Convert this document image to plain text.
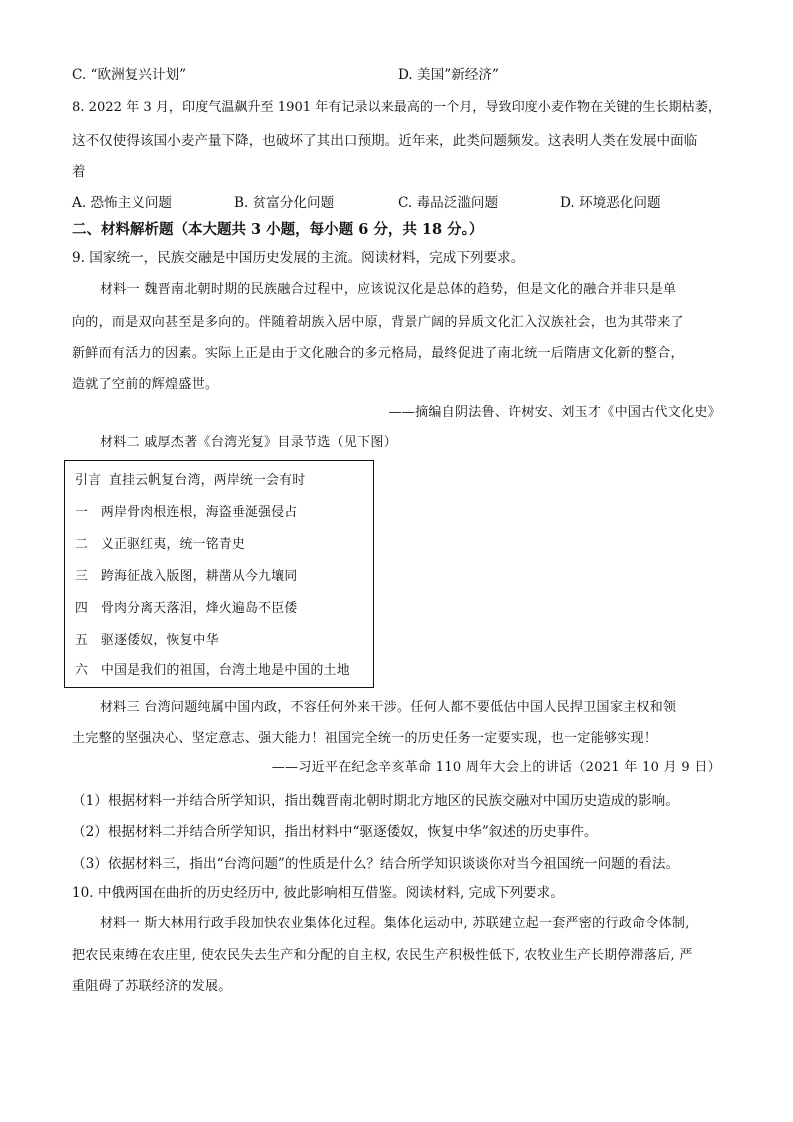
C. “欧洲复兴计划”	D. 美国”新经济”
8. 2022 年 3 月，印度气温飙升至 1901 年有记录以来最高的一个月，导致印度小麦作物在关键的生长期枯萎，
这不仅使得该国小麦产量下降，也破坏了其出口预期。近年来，此类问题频发。这表明人类在发展中面临
着
A. 恐怖主义问题	B. 贫富分化问题	C. 毒品泛滥问题	D. 环境恶化问题
二、材料解析题（本大题共 3 小题，每小题 6 分，共 18 分。）
9. 国家统一，民族交融是中国历史发展的主流。阅读材料，完成下列要求。
材料一 魏晋南北朝时期的民族融合过程中，应该说汉化是总体的趋势，但是文化的融合并非只是单
向的，而是双向甚至是多向的。伴随着胡族入居中原，背景广阔的异质文化汇入汉族社会，也为其带来了
新鲜而有活力的因素。实际上正是由于文化融合的多元格局，最终促进了南北统一后隋唐文化新的整合，
造就了空前的辉煌盛世。
——摘编自阴法鲁、许树安、刘玉才《中国古代文化史》
材料二 戚厚杰著《台湾光复》目录节选（见下图）
引言 直挂云帆复台湾，两岸统一会有时
一 两岸骨肉根连根，海盗垂涎强侵占
二 义正驱红夷，统一铭青史
三 跨海征战入版图，耕凿从今九壤同
四 骨肉分离天落泪，烽火遍岛不臣倭
五 驱逐倭奴，恢复中华
六 中国是我们的祖国，台湾土地是中国的土地
材料三 台湾问题纯属中国内政，不容任何外来干涉。任何人都不要低估中国人民捍卫国家主权和领
土完整的坚强决心、坚定意志、强大能力！祖国完全统一的历史任务一定要实现，也一定能够实现！
——习近平在纪念辛亥革命 110 周年大会上的讲话（2021 年 10 月 9 日）
（1）根据材料一并结合所学知识，指出魏晋南北朝时期北方地区的民族交融对中国历史造成的影响。
（2）根据材料二并结合所学知识，指出材料中“驱逐倭奴，恢复中华”叙述的历史事件。
（3）依据材料三，指出“台湾问题”的性质是什么？结合所学知识谈谈你对当今祖国统一问题的看法。
10. 中俄两国在曲折的历史经历中, 彼此影响相互借鉴。阅读材料, 完成下列要求。
材料一 斯大林用行政手段加快农业集体化过程。集体化运动中, 苏联建立起一套严密的行政命令体制,
把农民束缚在农庄里, 使农民失去生产和分配的自主权, 农民生产积极性低下, 农牧业生产长期停滞落后, 严
重阻碍了苏联经济的发展。
